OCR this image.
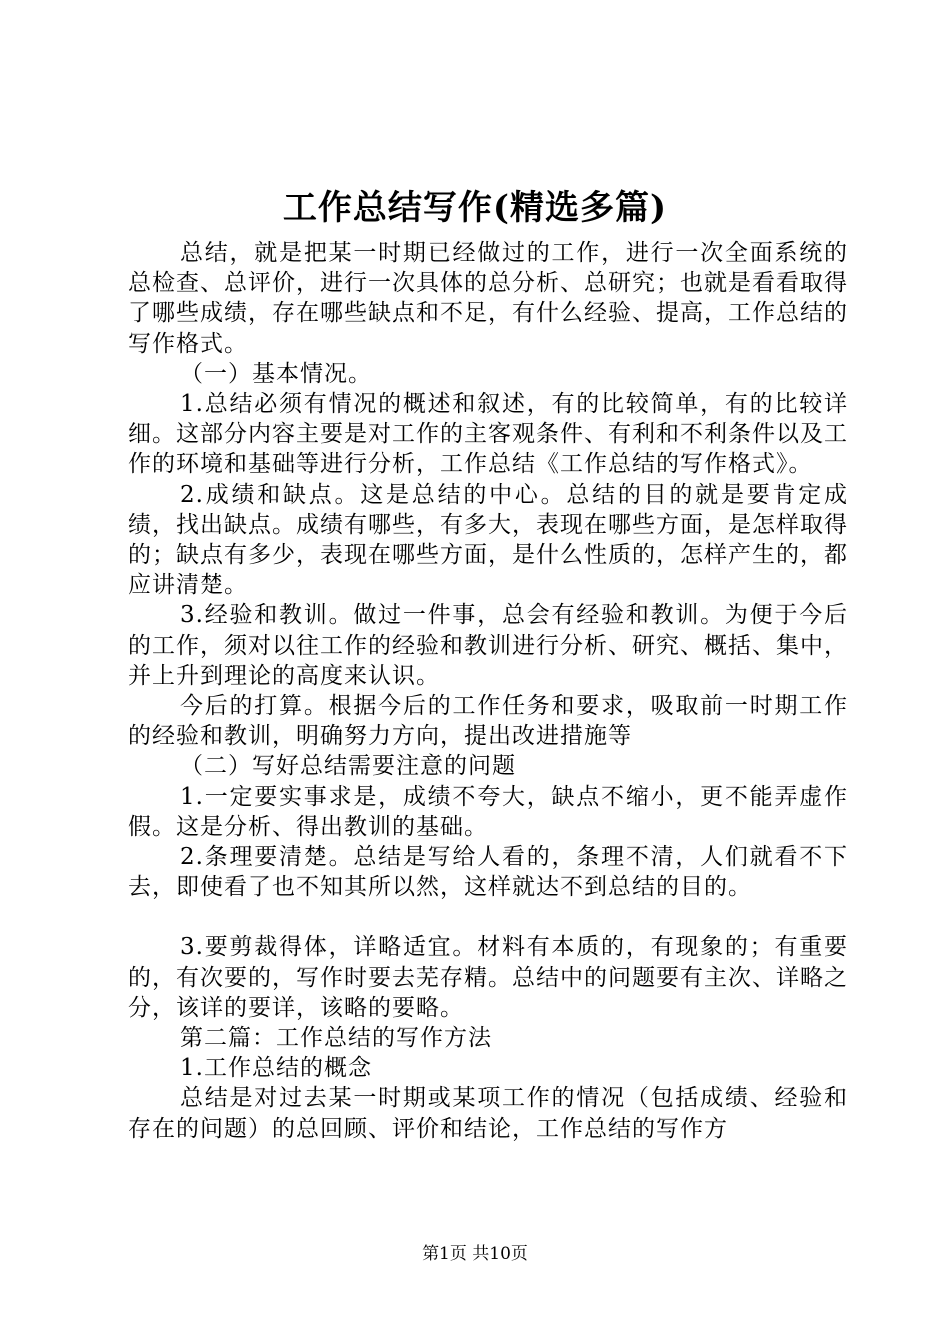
工作总结写作(精选多篇)

总结，就是把某一时期已经做过的工作，进行一次全面系统的总检查、总评价，进行一次具体的总分析、总研究；也就是看看取得了哪些成绩，存在哪些缺点和不足，有什么经验、提高，工作总结的写作格式。

（一）基本情况。

1.总结必须有情况的概述和叙述，有的比较简单，有的比较详细。这部分内容主要是对工作的主客观条件、有利和不利条件以及工作的环境和基础等进行分析，工作总结《工作总结的写作格式》。

2.成绩和缺点。这是总结的中心。总结的目的就是要肯定成绩，找出缺点。成绩有哪些，有多大，表现在哪些方面，是怎样取得的；缺点有多少，表现在哪些方面，是什么性质的，怎样产生的，都应讲清楚。

3.经验和教训。做过一件事，总会有经验和教训。为便于今后的工作，须对以往工作的经验和教训进行分析、研究、概括、集中，并上升到理论的高度来认识。

今后的打算。根据今后的工作任务和要求，吸取前一时期工作的经验和教训，明确努力方向，提出改进措施等

（二）写好总结需要注意的问题

1.一定要实事求是，成绩不夸大，缺点不缩小，更不能弄虚作假。这是分析、得出教训的基础。

2.条理要清楚。总结是写给人看的，条理不清，人们就看不下去，即使看了也不知其所以然，这样就达不到总结的目的。

3.要剪裁得体，详略适宜。材料有本质的，有现象的；有重要的，有次要的，写作时要去芜存精。总结中的问题要有主次、详略之分，该详的要详，该略的要略。

第二篇：工作总结的写作方法

1.工作总结的概念

总结是对过去某一时期或某项工作的情况（包括成绩、经验和存在的问题）的总回顾、评价和结论，工作总结的写作方

第1页 共10页
